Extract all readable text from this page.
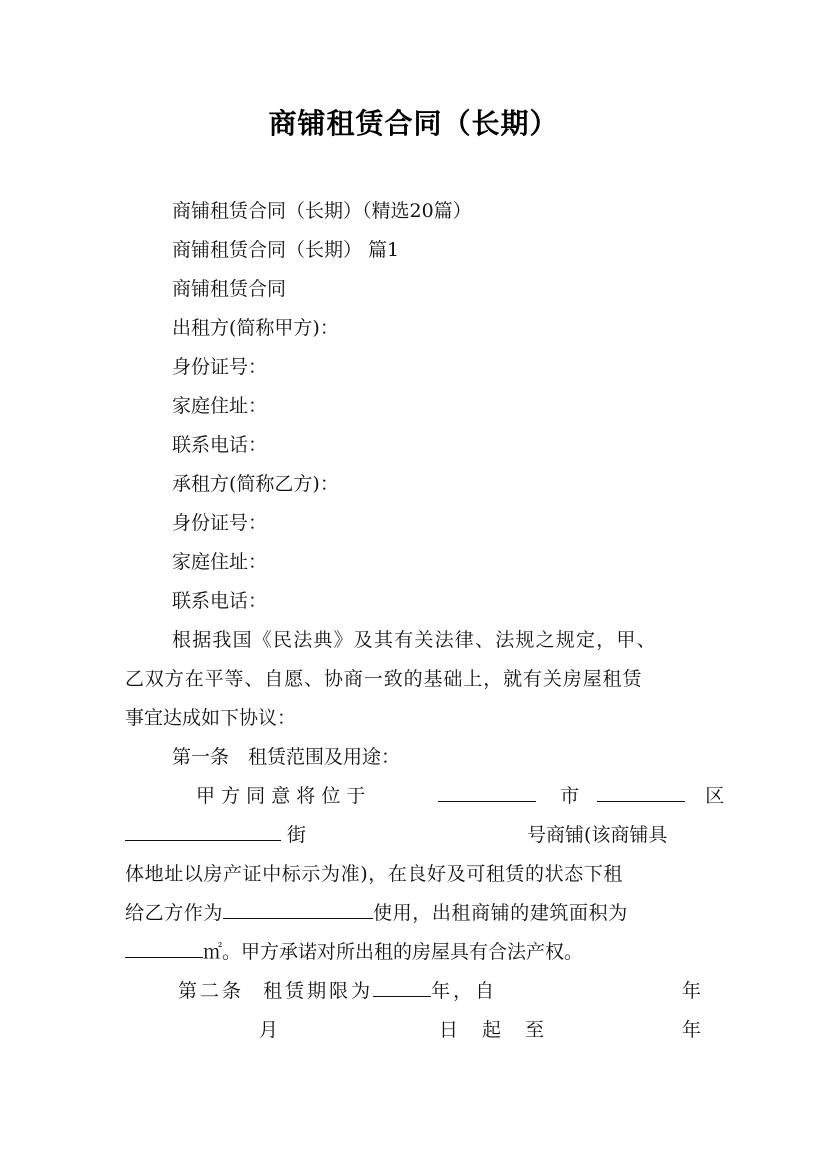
商铺租赁合同（长期）
商铺租赁合同（长期）（精选20篇）
商铺租赁合同（长期） 篇1
商铺租赁合同
出租方(简称甲方)：
身份证号：
家庭住址：
联系电话：
承租方(简称乙方)：
身份证号：
家庭住址：
联系电话：
根据我国《民法典》及其有关法律、法规之规定，甲、
乙双方在平等、自愿、协商一致的基础上，就有关房屋租赁
事宜达成如下协议：
第一条　租赁范围及用途：
甲 方 同 意 将 位 于	市	区
街	号商铺(该商铺具
体地址以房产证中标示为准)，在良好及可租赁的状态下租
给乙方作为	使用，出租商铺的建筑面积为
㎡。甲方承诺对所出租的房屋具有合法产权。
第二条 租赁期限为	年，自	年
月	日 起 至	年
